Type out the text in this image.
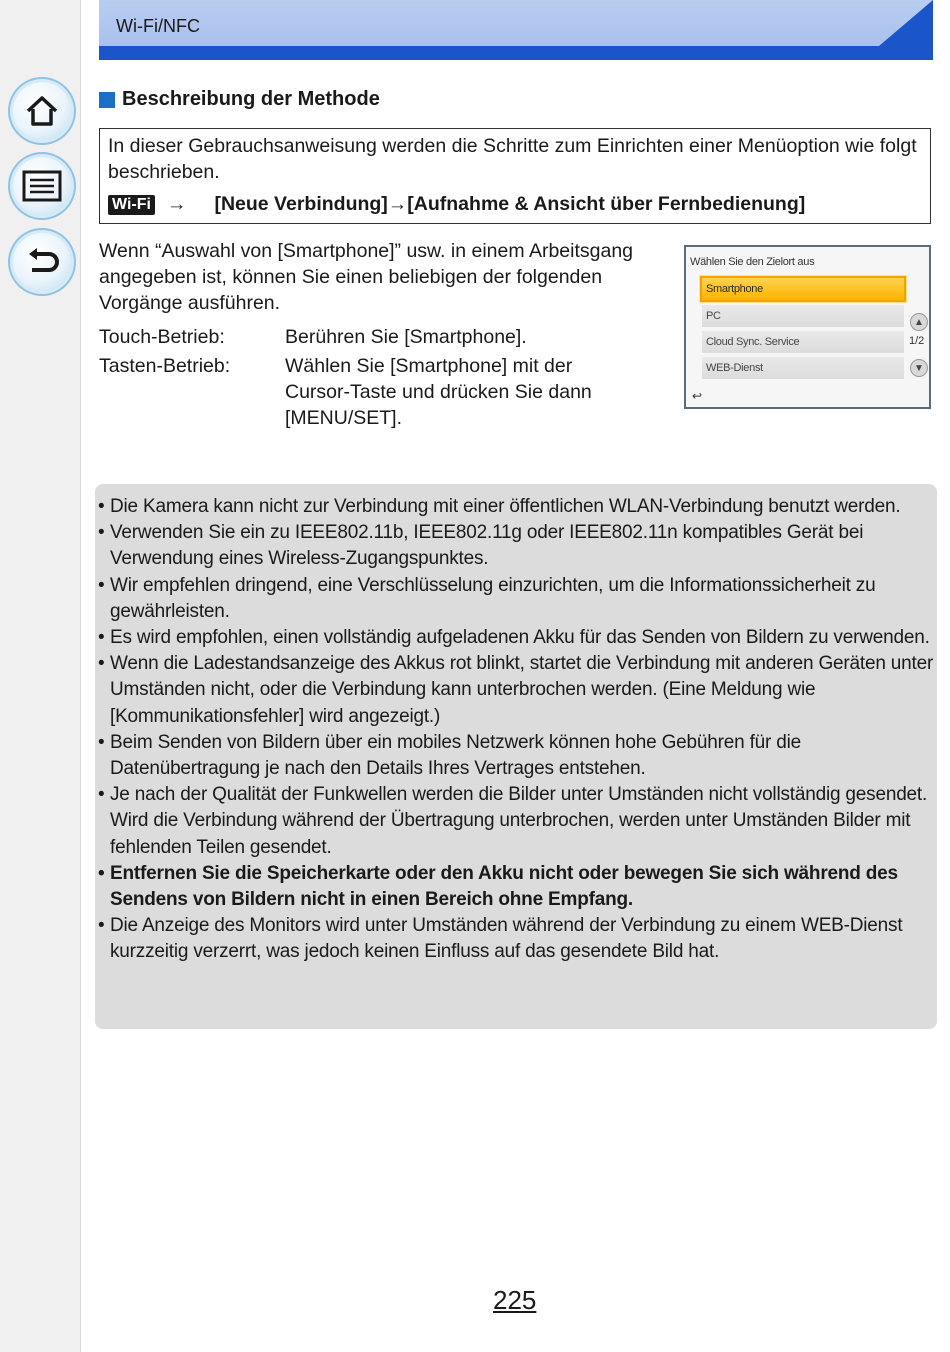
Wi-Fi/NFC
Beschreibung der Methode
In dieser Gebrauchsanweisung werden die Schritte zum Einrichten einer Menüoption wie folgt beschrieben.
Wi-Fi → [Neue Verbindung]→[Aufnahme & Ansicht über Fernbedienung]
Wenn “Auswahl von [Smartphone]” usw. in einem Arbeitsgang angegeben ist, können Sie einen beliebigen der folgenden Vorgänge ausführen.
Touch-Betrieb:	Berühren Sie [Smartphone].
Tasten-Betrieb:	Wählen Sie [Smartphone] mit der Cursor-Taste und drücken Sie dann [MENU/SET].
Wählen Sie den Zielort aus
Smartphone
PC
Cloud Sync. Service
WEB-Dienst
▲
1/2
▼
↩
• Die Kamera kann nicht zur Verbindung mit einer öffentlichen WLAN-Verbindung benutzt werden.
• Verwenden Sie ein zu IEEE802.11b, IEEE802.11g oder IEEE802.11n kompatibles Gerät bei Verwendung eines Wireless-Zugangspunktes.
• Wir empfehlen dringend, eine Verschlüsselung einzurichten, um die Informationssicherheit zu gewährleisten.
• Es wird empfohlen, einen vollständig aufgeladenen Akku für das Senden von Bildern zu verwenden.
• Wenn die Ladestandsanzeige des Akkus rot blinkt, startet die Verbindung mit anderen Geräten unter Umständen nicht, oder die Verbindung kann unterbrochen werden. (Eine Meldung wie [Kommunikationsfehler] wird angezeigt.)
• Beim Senden von Bildern über ein mobiles Netzwerk können hohe Gebühren für die Datenübertragung je nach den Details Ihres Vertrages entstehen.
• Je nach der Qualität der Funkwellen werden die Bilder unter Umständen nicht vollständig gesendet. Wird die Verbindung während der Übertragung unterbrochen, werden unter Umständen Bilder mit fehlenden Teilen gesendet.
• Entfernen Sie die Speicherkarte oder den Akku nicht oder bewegen Sie sich während des Sendens von Bildern nicht in einen Bereich ohne Empfang.
• Die Anzeige des Monitors wird unter Umständen während der Verbindung zu einem WEB-Dienst kurzzeitig verzerrt, was jedoch keinen Einfluss auf das gesendete Bild hat.
225
